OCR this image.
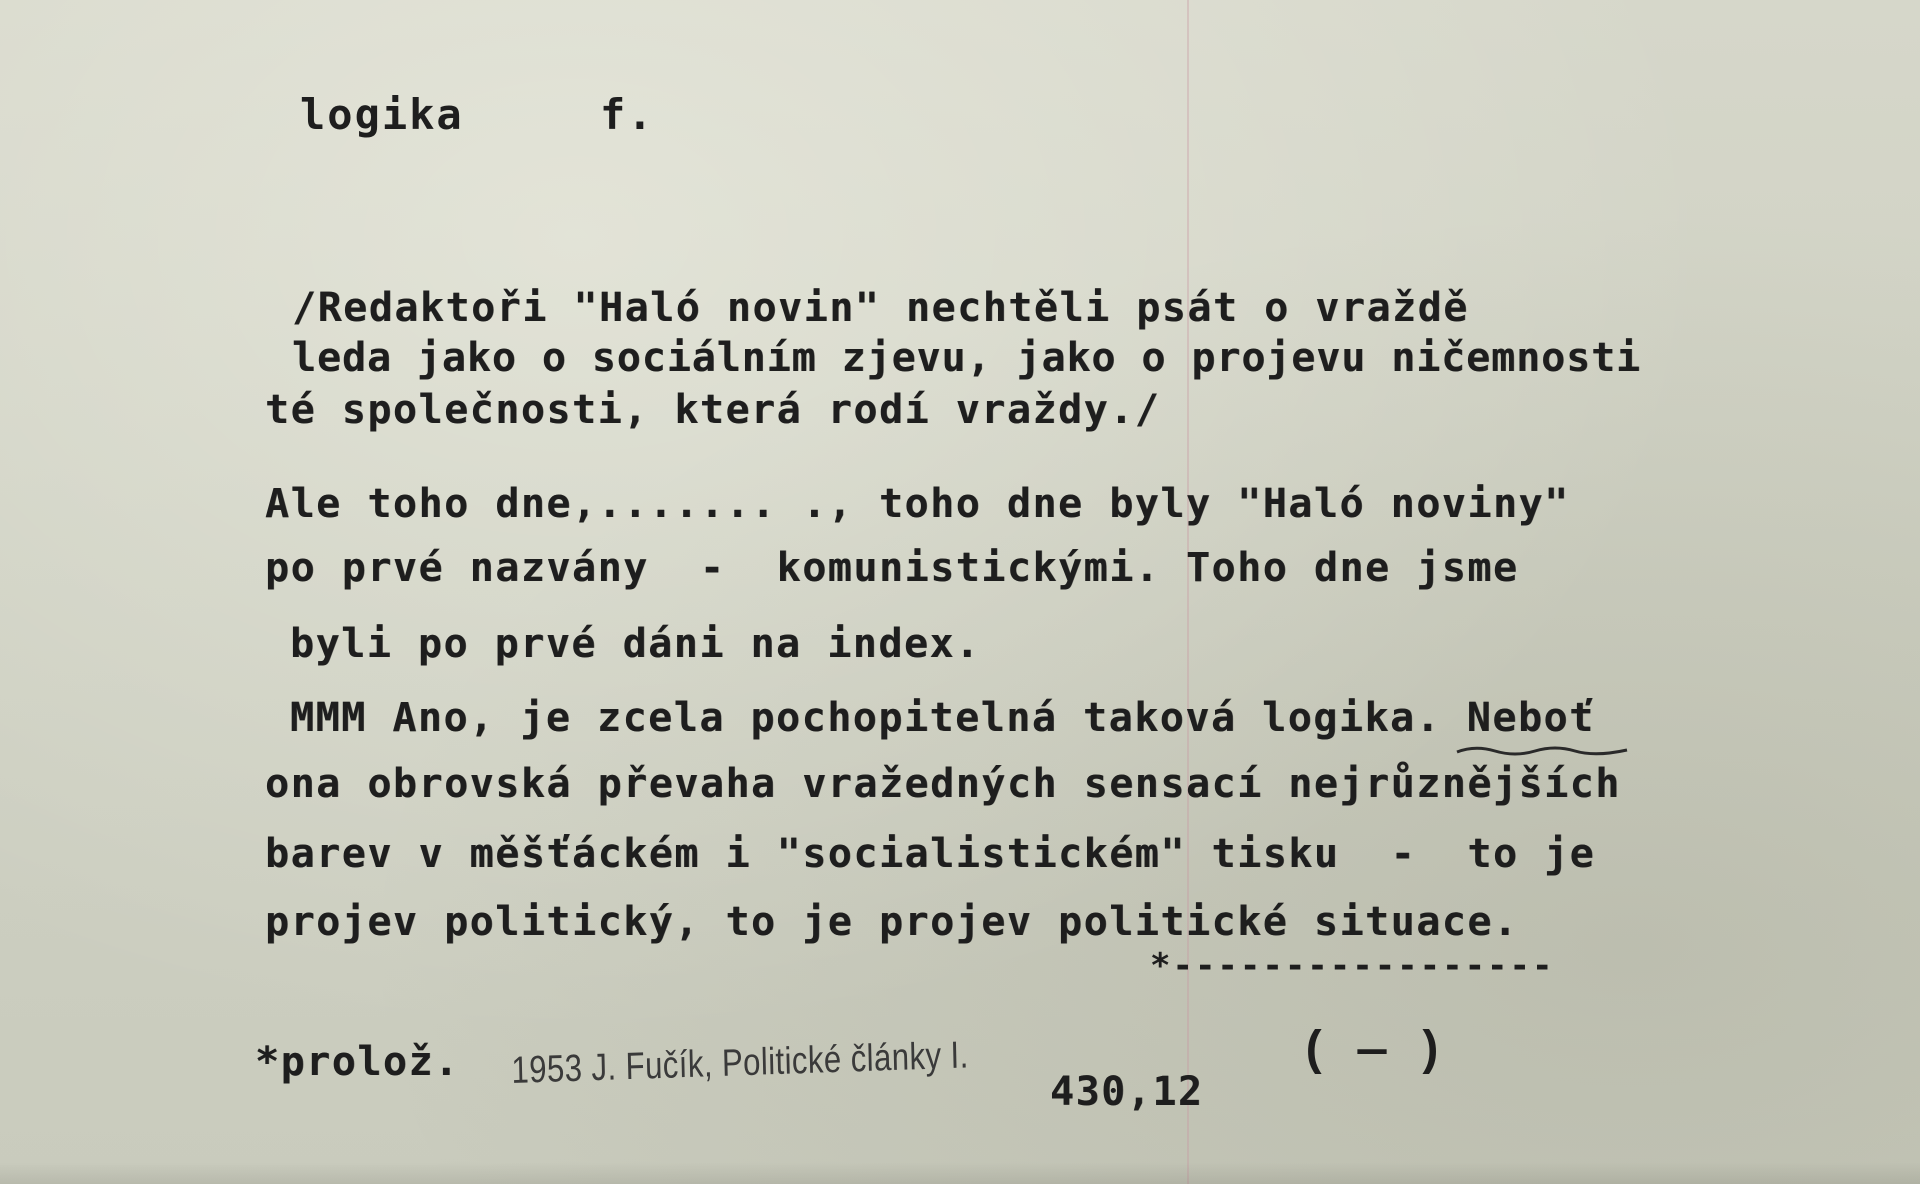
logika	f.
/Redaktoři "Haló novin" nechtěli psát o vraždě
leda jako o sociálním zjevu, jako o projevu ničemnosti
té společnosti, která rodí vraždy./
Ale toho dne,....... ., toho dne byly "Haló noviny"
po prvé nazvány  -  komunistickými. Toho dne jsme
byli po prvé dáni na index.
MMM Ano, je zcela pochopitelná taková logika. Neboť
ona obrovská převaha vražedných sensací nejrůznějších
barev v měšťáckém i "socialistickém" tisku  -  to je
projev politický, to je projev politické situace.
*-----------------
*prolož. 1953 J. Fučík, Politické články I. 430,12
( — )
